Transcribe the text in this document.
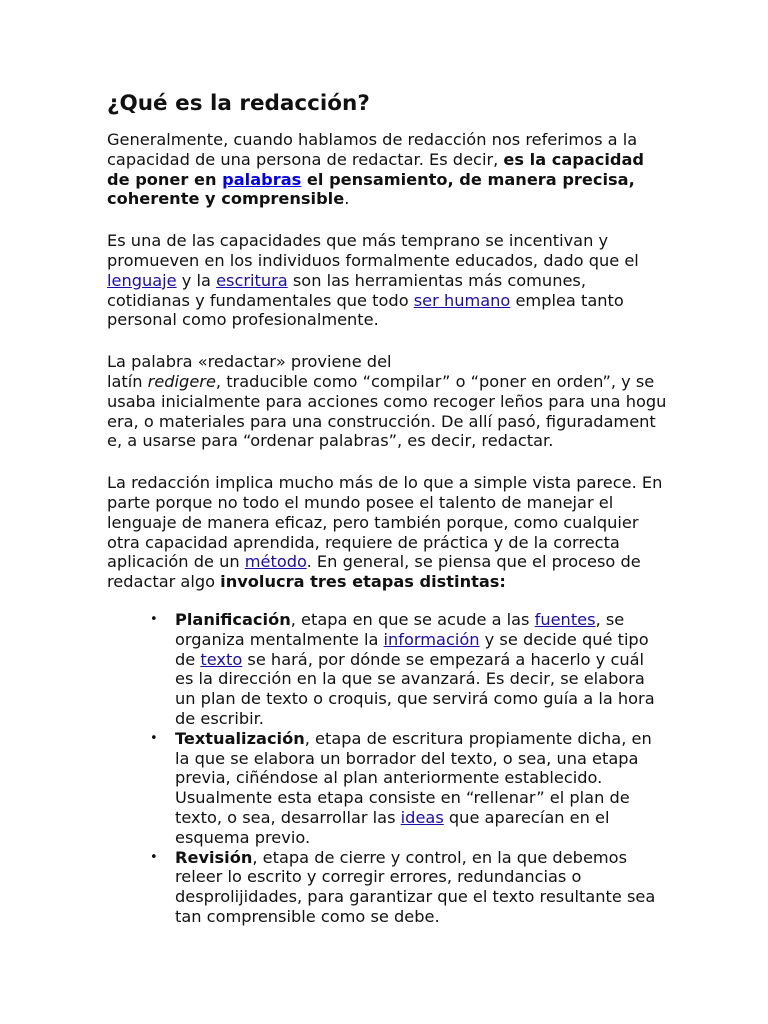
¿Qué es la redacción?

Generalmente, cuando hablamos de redacción nos referimos a la capacidad de una persona de redactar. Es decir, es la capacidad de poner en palabras el pensamiento, de manera precisa, coherente y comprensible.

Es una de las capacidades que más temprano se incentivan y promueven en los individuos formalmente educados, dado que el lenguaje y la escritura son las herramientas más comunes, cotidianas y fundamentales que todo ser humano emplea tanto personal como profesionalmente.

La palabra «redactar» proviene del
latín redigere, traducible como “compilar” o “poner en orden”, y se usaba inicialmente para acciones como recoger leños para una hoguera, o materiales para una construcción. De allí pasó, figuradamente, a usarse para “ordenar palabras”, es decir, redactar.

La redacción implica mucho más de lo que a simple vista parece. En parte porque no todo el mundo posee el talento de manejar el lenguaje de manera eficaz, pero también porque, como cualquier otra capacidad aprendida, requiere de práctica y de la correcta aplicación de un método. En general, se piensa que el proceso de redactar algo involucra tres etapas distintas:

• Planificación, etapa en que se acude a las fuentes, se organiza mentalmente la información y se decide qué tipo de texto se hará, por dónde se empezará a hacerlo y cuál es la dirección en la que se avanzará. Es decir, se elabora un plan de texto o croquis, que servirá como guía a la hora de escribir.
• Textualización, etapa de escritura propiamente dicha, en la que se elabora un borrador del texto, o sea, una etapa previa, ciñéndose al plan anteriormente establecido. Usualmente esta etapa consiste en “rellenar” el plan de texto, o sea, desarrollar las ideas que aparecían en el esquema previo.
• Revisión, etapa de cierre y control, en la que debemos releer lo escrito y corregir errores, redundancias o desprolijidades, para garantizar que el texto resultante sea tan comprensible como se debe.
